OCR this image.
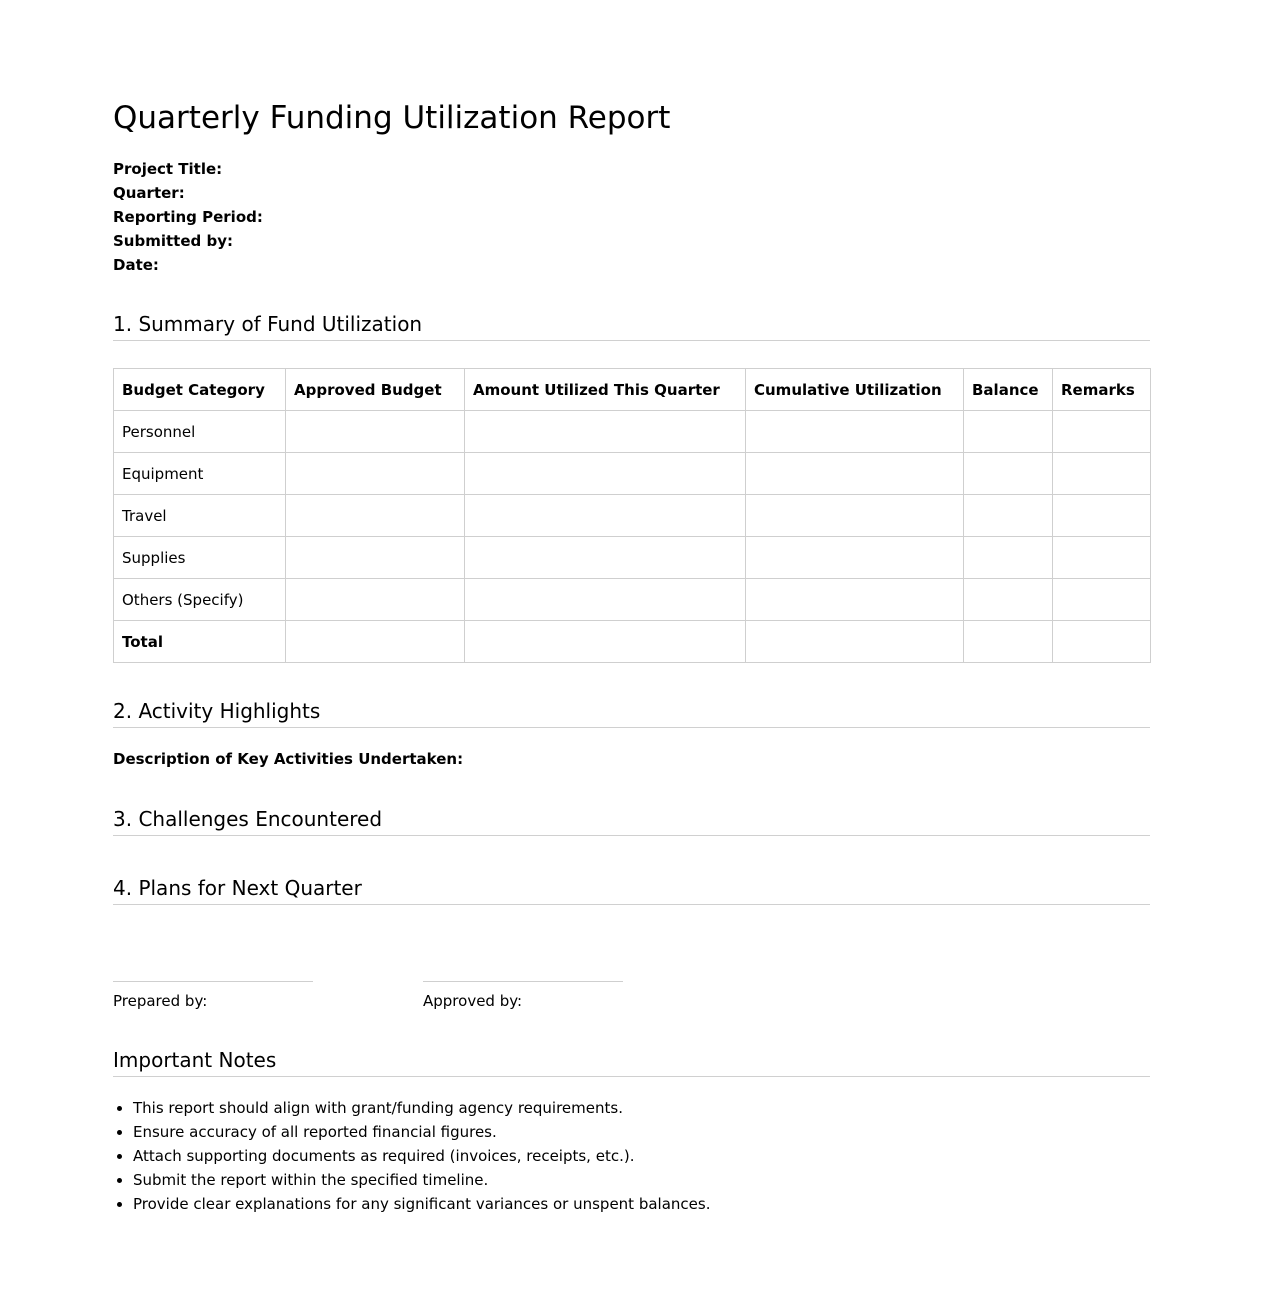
Quarterly Funding Utilization Report
Project Title:
Quarter:
Reporting Period:
Submitted by:
Date:
1. Summary of Fund Utilization
Budget Category	Approved Budget	Amount Utilized This Quarter	Cumulative Utilization	Balance	Remarks
Personnel					
Equipment					
Travel					
Supplies					
Others (Specify)					
Total					
2. Activity Highlights
Description of Key Activities Undertaken:
3. Challenges Encountered
4. Plans for Next Quarter
Prepared by:	Approved by:
Important Notes
• This report should align with grant/funding agency requirements.
• Ensure accuracy of all reported financial figures.
• Attach supporting documents as required (invoices, receipts, etc.).
• Submit the report within the specified timeline.
• Provide clear explanations for any significant variances or unspent balances.
